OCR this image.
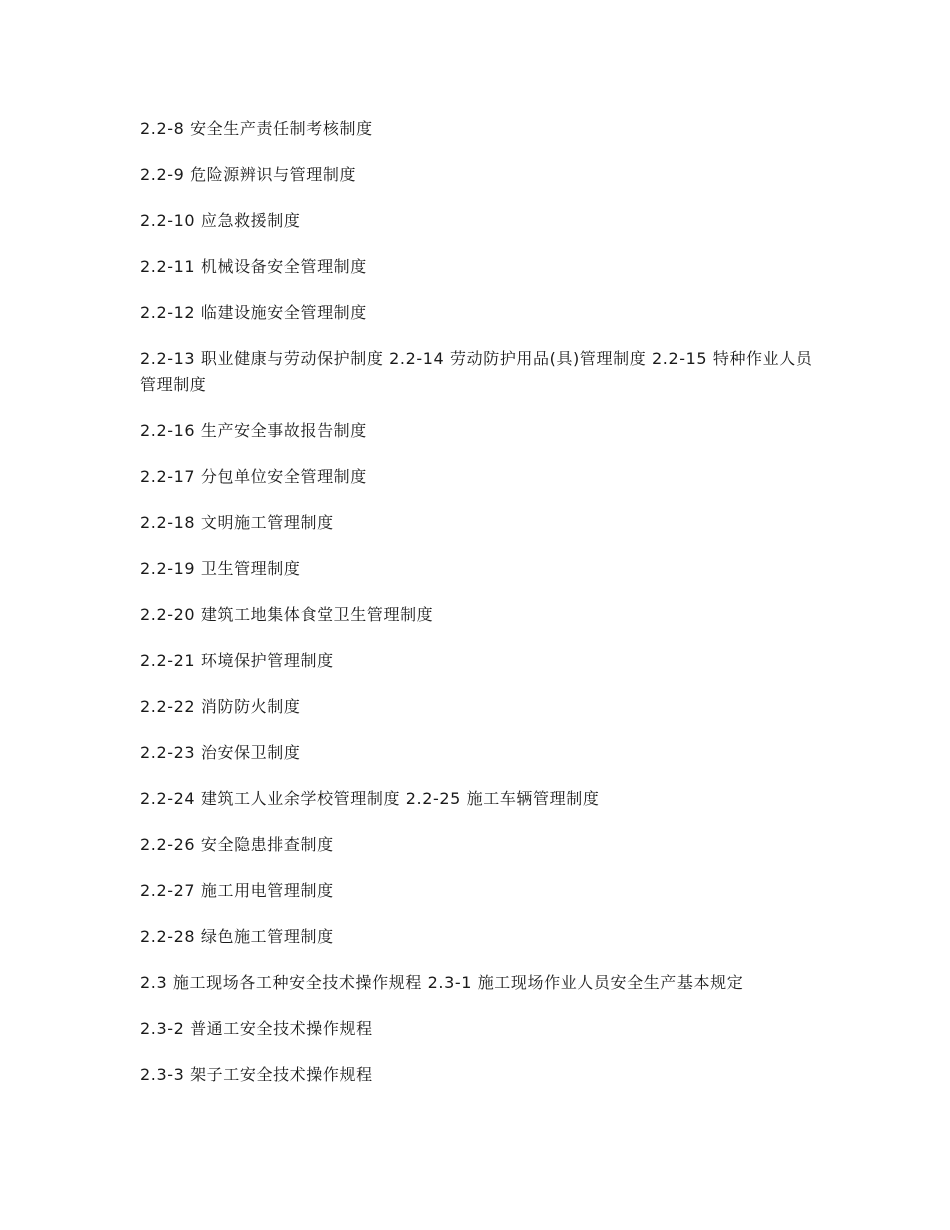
2.2-8 安全生产责任制考核制度
2.2-9 危险源辨识与管理制度
2.2-10 应急救援制度
2.2-11 机械设备安全管理制度
2.2-12 临建设施安全管理制度
2.2-13 职业健康与劳动保护制度 2.2-14 劳动防护用品(具)管理制度 2.2-15 特种作业人员管理制度
2.2-16 生产安全事故报告制度
2.2-17 分包单位安全管理制度
2.2-18 文明施工管理制度
2.2-19 卫生管理制度
2.2-20 建筑工地集体食堂卫生管理制度
2.2-21 环境保护管理制度
2.2-22 消防防火制度
2.2-23 治安保卫制度
2.2-24 建筑工人业余学校管理制度 2.2-25 施工车辆管理制度
2.2-26 安全隐患排查制度
2.2-27 施工用电管理制度
2.2-28 绿色施工管理制度
2.3 施工现场各工种安全技术操作规程 2.3-1 施工现场作业人员安全生产基本规定
2.3-2 普通工安全技术操作规程
2.3-3 架子工安全技术操作规程
